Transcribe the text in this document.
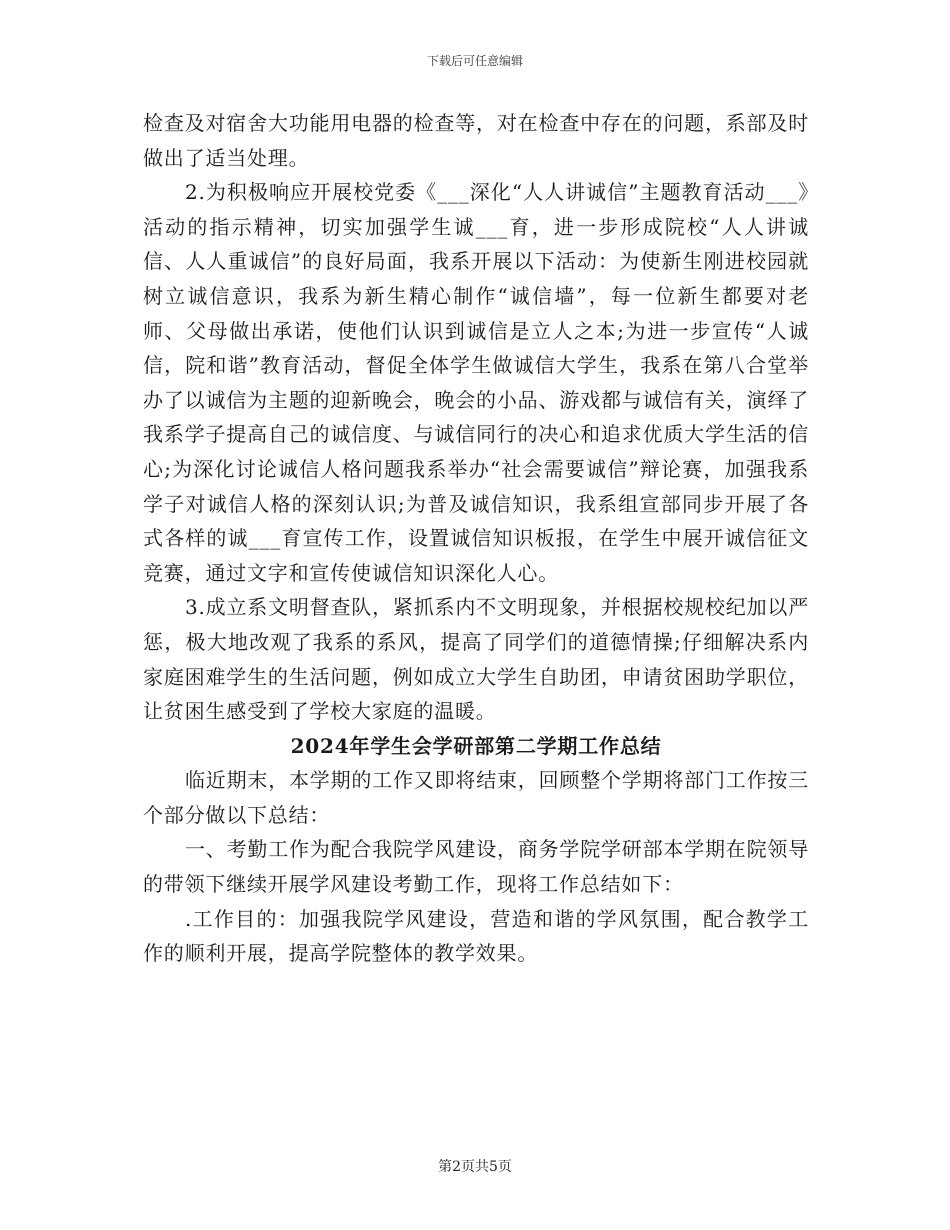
下载后可任意编辑

检查及对宿舍大功能用电器的检查等，对在检查中存在的问题，系部及时做出了适当处理。

2.为积极响应开展校党委《___深化“人人讲诚信”主题教育活动___》活动的指示精神，切实加强学生诚___育，进一步形成院校“人人讲诚信、人人重诚信”的良好局面，我系开展以下活动：为使新生刚进校园就树立诚信意识，我系为新生精心制作“诚信墙”，每一位新生都要对老师、父母做出承诺，使他们认识到诚信是立人之本;为进一步宣传“人诚信，院和谐”教育活动，督促全体学生做诚信大学生，我系在第八合堂举办了以诚信为主题的迎新晚会，晚会的小品、游戏都与诚信有关，演绎了我系学子提高自己的诚信度、与诚信同行的决心和追求优质大学生活的信心;为深化讨论诚信人格问题我系举办“社会需要诚信”辩论赛，加强我系学子对诚信人格的深刻认识;为普及诚信知识，我系组宣部同步开展了各式各样的诚___育宣传工作，设置诚信知识板报，在学生中展开诚信征文竞赛，通过文字和宣传使诚信知识深化人心。

3.成立系文明督查队，紧抓系内不文明现象，并根据校规校纪加以严惩，极大地改观了我系的系风，提高了同学们的道德情操;仔细解决系内家庭困难学生的生活问题，例如成立大学生自助团，申请贫困助学职位，让贫困生感受到了学校大家庭的温暖。

2024年学生会学研部第二学期工作总结

临近期末，本学期的工作又即将结束，回顾整个学期将部门工作按三个部分做以下总结：

一、考勤工作为配合我院学风建设，商务学院学研部本学期在院领导的带领下继续开展学风建设考勤工作，现将工作总结如下：

.工作目的：加强我院学风建设，营造和谐的学风氛围，配合教学工作的顺利开展，提高学院整体的教学效果。

第2页共5页
